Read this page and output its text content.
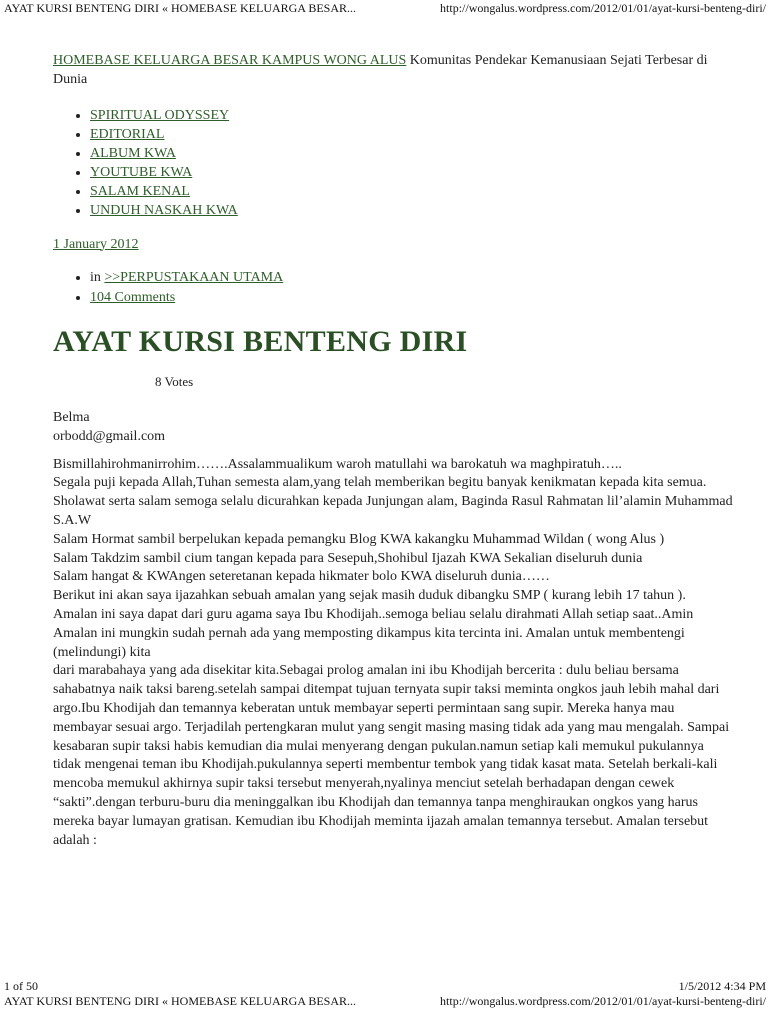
AYAT KURSI BENTENG DIRI « HOMEBASE KELUARGA BESAR...	http://wongalus.wordpress.com/2012/01/01/ayat-kursi-benteng-diri/

HOMEBASE KELUARGA BESAR KAMPUS WONG ALUS Komunitas Pendekar Kemanusiaan Sejati Terbesar di Dunia

• SPIRITUAL ODYSSEY
• EDITORIAL
• ALBUM KWA
• YOUTUBE KWA
• SALAM KENAL
• UNDUH NASKAH KWA
1 January 2012
• in >>PERPUSTAKAAN UTAMA
• 104 Comments
AYAT KURSI BENTENG DIRI
8 Votes
Belma
orbodd@gmail.com

Bismillahirohmanirrohim…….Assalammualikum waroh matullahi wa barokatuh wa maghpiratuh…..

Segala puji kepada Allah,Tuhan semesta alam,yang telah memberikan begitu banyak kenikmatan kepada kita semua.

Sholawat serta salam semoga selalu dicurahkan kepada Junjungan alam, Baginda Rasul Rahmatan lil’alamin Muhammad S.A.W

Salam Hormat sambil berpelukan kepada pemangku Blog KWA kakangku Muhammad Wildan ( wong Alus )

Salam Takdzim sambil cium tangan kepada para Sesepuh,Shohibul Ijazah KWA Sekalian diseluruh dunia

Salam hangat & KWAngen seteretanan kepada hikmater bolo KWA diseluruh dunia……

Berikut ini akan saya ijazahkan sebuah amalan yang sejak masih duduk dibangku SMP ( kurang lebih 17 tahun ).

Amalan ini saya dapat dari guru agama saya Ibu Khodijah..semoga beliau selalu dirahmati Allah setiap saat..Amin

Amalan ini mungkin sudah pernah ada yang memposting dikampus kita tercinta ini. Amalan untuk membentengi (melindungi) kita

dari marabahaya yang ada disekitar kita.Sebagai prolog amalan ini ibu Khodijah bercerita : dulu beliau bersama sahabatnya naik taksi bareng.setelah sampai ditempat tujuan ternyata supir taksi meminta ongkos jauh lebih mahal dari argo.Ibu Khodijah dan temannya keberatan untuk membayar seperti permintaan sang supir. Mereka hanya mau membayar sesuai argo. Terjadilah pertengkaran mulut yang sengit masing masing tidak ada yang mau mengalah. Sampai kesabaran supir taksi habis kemudian dia mulai menyerang dengan pukulan.namun setiap kali memukul pukulannya tidak mengenai teman ibu Khodijah.pukulannya seperti membentur tembok yang tidak kasat mata. Setelah berkali-kali mencoba memukul akhirnya supir taksi tersebut menyerah,nyalinya menciut setelah berhadapan dengan cewek “sakti”.dengan terburu-buru dia meninggalkan ibu Khodijah dan temannya tanpa menghiraukan ongkos yang harus mereka bayar lumayan gratisan. Kemudian ibu Khodijah meminta ijazah amalan temannya tersebut. Amalan tersebut adalah :

1 of 50	1/5/2012 4:34 PM
AYAT KURSI BENTENG DIRI « HOMEBASE KELUARGA BESAR...	http://wongalus.wordpress.com/2012/01/01/ayat-kursi-benteng-diri/
